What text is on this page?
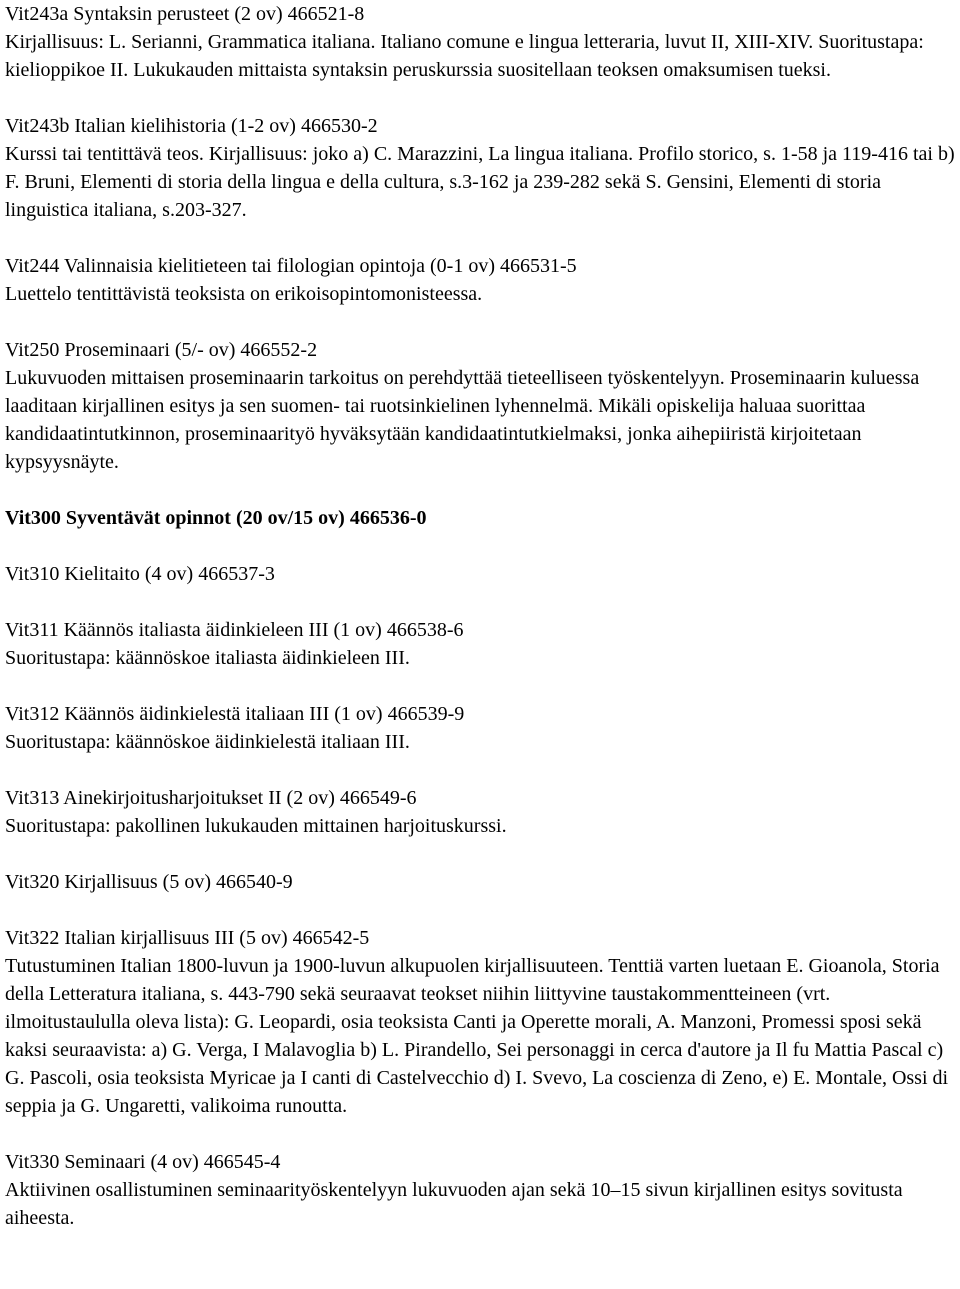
Vit243a Syntaksin perusteet (2 ov) 466521-8

Kirjallisuus: L. Serianni, Grammatica italiana. Italiano comune e lingua letteraria, luvut II, XIII-XIV. Suoritustapa: kielioppikoe II. Lukukauden mittaista syntaksin peruskurssia suositellaan teoksen omaksumisen tueksi.

Vit243b Italian kielihistoria (1-2 ov) 466530-2

Kurssi tai tentittävä teos. Kirjallisuus: joko a) C. Marazzini, La lingua italiana. Profilo storico, s. 1-58 ja 119-416 tai b) F. Bruni, Elementi di storia della lingua e della cultura, s.3-162 ja 239-282 sekä S. Gensini, Elementi di storia linguistica italiana, s.203-327.

Vit244 Valinnaisia kielitieteen tai filologian opintoja (0-1 ov) 466531-5

Luettelo tentittävistä teoksista on erikoisopintomonisteessa.

Vit250 Proseminaari (5/- ov) 466552-2

Lukuvuoden mittaisen proseminaarin tarkoitus on perehdyttää tieteelliseen työskentelyyn. Proseminaarin kuluessa laaditaan kirjallinen esitys ja sen suomen- tai ruotsinkielinen lyhennelmä. Mikäli opiskelija haluaa suorittaa kandidaatintutkinnon, proseminaarityö hyväksytään kandidaatintutkielmaksi, jonka aihepiiristä kirjoitetaan kypsyysnäyte.

Vit300 Syventävät opinnot (20 ov/15 ov) 466536-0

Vit310 Kielitaito (4 ov) 466537-3

Vit311 Käännös italiasta äidinkieleen III (1 ov) 466538-6

Suoritustapa: käännöskoe italiasta äidinkieleen III.

Vit312 Käännös äidinkielestä italiaan III (1 ov) 466539-9

Suoritustapa: käännöskoe äidinkielestä italiaan III.

Vit313 Ainekirjoitusharjoitukset II (2 ov) 466549-6

Suoritustapa: pakollinen lukukauden mittainen harjoituskurssi.

Vit320 Kirjallisuus (5 ov) 466540-9

Vit322 Italian kirjallisuus III (5 ov) 466542-5

Tutustuminen Italian 1800-luvun ja 1900-luvun alkupuolen kirjallisuuteen. Tenttiä varten luetaan E. Gioanola, Storia della Letteratura italiana, s. 443-790 sekä seuraavat teokset niihin liittyvine taustakommentteineen (vrt. ilmoitustaululla oleva lista): G. Leopardi, osia teoksista Canti ja Operette morali, A. Manzoni, Promessi sposi sekä kaksi seuraavista: a) G. Verga, I Malavoglia b) L. Pirandello, Sei personaggi in cerca d'autore ja Il fu Mattia Pascal c) G. Pascoli, osia teoksista Myricae ja I canti di Castelvecchio d) I. Svevo, La coscienza di Zeno, e) E. Montale, Ossi di seppia ja G. Ungaretti, valikoima runoutta.

Vit330 Seminaari (4 ov) 466545-4

Aktiivinen osallistuminen seminaarityöskentelyyn lukuvuoden ajan sekä 10–15 sivun kirjallinen esitys sovitusta aiheesta.
